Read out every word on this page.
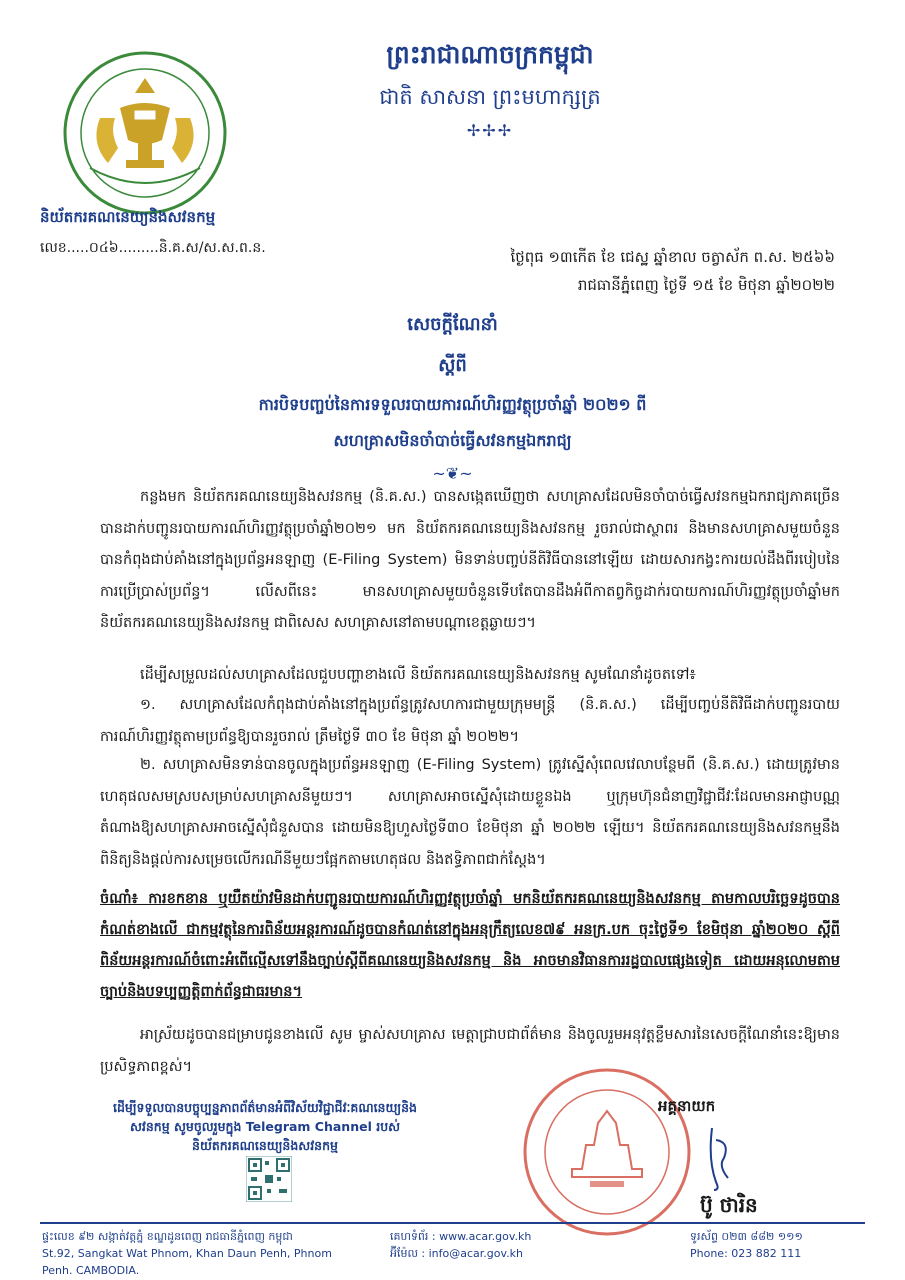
ព្រះរាជាណាចក្រកម្ពុជា
ជាតិ សាសនា ព្រះមហាក្សត្រ
✢✢✢
និយ័តករគណនេយ្យនិងសវនកម្ម
លេខ.....០៤៦.........និ.គ.ស/ស.ស.ព.ន.	ថ្ងៃពុធ ១៣កើត ខែ ជេស្ឋ ឆ្នាំខាល ចត្វាស័ក ព.ស. ២៥៦៦
រាជធានីភ្នំពេញ ថ្ងៃទី ១៥ ខែ មិថុនា ឆ្នាំ២០២២
សេចក្តីណែនាំ
ស្តីពី
ការបិទបញ្ចប់នៃការទទួលរបាយការណ៍ហិរញ្ញវត្ថុប្រចាំឆ្នាំ ២០២១ ពី
សហគ្រាសមិនចាំបាច់ធ្វើសវនកម្មឯករាជ្យ
~❦~
កន្លងមក និយ័តករគណនេយ្យនិងសវនកម្ម (និ.គ.ស.) បានសង្កេតឃើញថា សហគ្រាសដែលមិនចាំបាច់ធ្វើសវនកម្មឯករាជ្យភាគច្រើនបានដាក់បញ្ជូនរបាយការណ៍ហិរញ្ញវត្ថុប្រចាំឆ្នាំ២០២១ មក និយ័តករគណនេយ្យនិងសវនកម្ម រួចរាល់ជាស្ថាពរ និងមានសហគ្រាសមួយចំនួនបានកំពុងជាប់គាំងនៅក្នុងប្រព័ន្ធអនឡាញ (E-Filing System) មិនទាន់បញ្ចប់នីតិវិធីបាននៅឡើយ ដោយសារកង្វះការយល់ដឹងពីរបៀបនៃការប្រើប្រាស់ប្រព័ន្ធ។ លើសពីនេះ មានសហគ្រាសមួយចំនួនទើបតែបានដឹងអំពីកាតព្វកិច្ចដាក់របាយការណ៍ហិរញ្ញវត្ថុប្រចាំឆ្នាំមកនិយ័តករគណនេយ្យនិងសវនកម្ម ជាពិសេស សហគ្រាសនៅតាមបណ្តាខេត្តឆ្ងាយៗ។
ដើម្បីសម្រួលដល់សហគ្រាសដែលជួបបញ្ហាខាងលើ និយ័តករគណនេយ្យនិងសវនកម្ម សូមណែនាំដូចតទៅ៖
១. សហគ្រាសដែលកំពុងជាប់គាំងនៅក្នុងប្រព័ន្ធត្រូវសហការជាមួយក្រុមមន្ត្រី (និ.គ.ស.) ដើម្បីបញ្ចប់នីតិវិធីដាក់បញ្ជូនរបាយការណ៍ហិរញ្ញវត្ថុតាមប្រព័ន្ធឱ្យបានរួចរាល់ ត្រឹមថ្ងៃទី ៣០ ខែ មិថុនា ឆ្នាំ ២០២២។
២. សហគ្រាសមិនទាន់បានចូលក្នុងប្រព័ន្ធអនឡាញ (E-Filing System) ត្រូវស្នើសុំពេលវេលាបន្ថែមពី (និ.គ.ស.) ដោយត្រូវមានហេតុផលសមស្របសម្រាប់សហគ្រាសនីមួយៗ។ សហគ្រាសអាចស្នើសុំដោយខ្លួនឯង ឬក្រុមហ៊ុនជំនាញវិជ្ជាជីវៈដែលមានអាជ្ញាបណ្ណតំណាងឱ្យសហគ្រាសអាចស្នើសុំជំនួសបាន ដោយមិនឱ្យហួសថ្ងៃទី៣០ ខែមិថុនា ឆ្នាំ ២០២២ ឡើយ។ និយ័តករគណនេយ្យនិងសវនកម្មនឹងពិនិត្យនិងផ្តល់ការសម្រេចលើករណីនីមួយៗផ្អែកតាមហេតុផល និងឥទ្ធិភាពជាក់ស្តែង។
ចំណាំ៖ ការខកខាន ឬយឺតយ៉ាវមិនដាក់បញ្ជូនរបាយការណ៍ហិរញ្ញវត្ថុប្រចាំឆ្នាំ មកនិយ័តករគណនេយ្យនិងសវនកម្ម តាមកាលបរិច្ឆេទដូចបានកំណត់ខាងលើ ជាកម្មវត្ថុនៃការពិន័យអន្តរការណ៍ដូចបានកំណត់នៅក្នុងអនុក្រឹត្យលេខ៧៩ អនក្រ.បក ចុះថ្ងៃទី១ ខែមិថុនា ឆ្នាំ២០២០ ស្តីពីពិន័យអន្តរការណ៍ចំពោះអំពើល្មើសទៅនឹងច្បាប់ស្តីពីគណនេយ្យនិងសវនកម្ម និង អាចមានវិធានការរដ្ឋបាលផ្សេងទៀត ដោយអនុលោមតាមច្បាប់និងបទប្បញ្ញត្តិពាក់ព័ន្ធជាធរមាន។
អាស្រ័យដូចបានជម្រាបជូនខាងលើ សូម ម្ចាស់សហគ្រាស មេត្តាជ្រាបជាព័ត៌មាន និងចូលរួមអនុវត្តខ្លឹមសារនៃសេចក្តីណែនាំនេះឱ្យមានប្រសិទ្ធភាពខ្ពស់។
ដើម្បីទទួលបានបច្ចុប្បន្នភាពព័ត៌មានអំពីវិស័យវិជ្ជាជីវៈគណនេយ្យនិង
សវនកម្ម សូមចូលរួមក្នុង Telegram Channel របស់
និយ័តករគណនេយ្យនិងសវនកម្ម
អគ្គនាយក
ប៊ូ ថារិន
ផ្ទះលេខ ៩២ សង្កាត់វត្តភ្នំ ខណ្ឌដូនពេញ រាជធានីភ្នំពេញ កម្ពុជា
St.92, Sangkat Wat Phnom, Khan Daun Penh, Phnom Penh. CAMBODIA.
គេហទំព័រ : www.acar.gov.kh
អ៊ីម៉ែល : info@acar.gov.kh
ទូរស័ព្ទ ០២៣ ៨៨២ ១១១
Phone: 023 882 111
